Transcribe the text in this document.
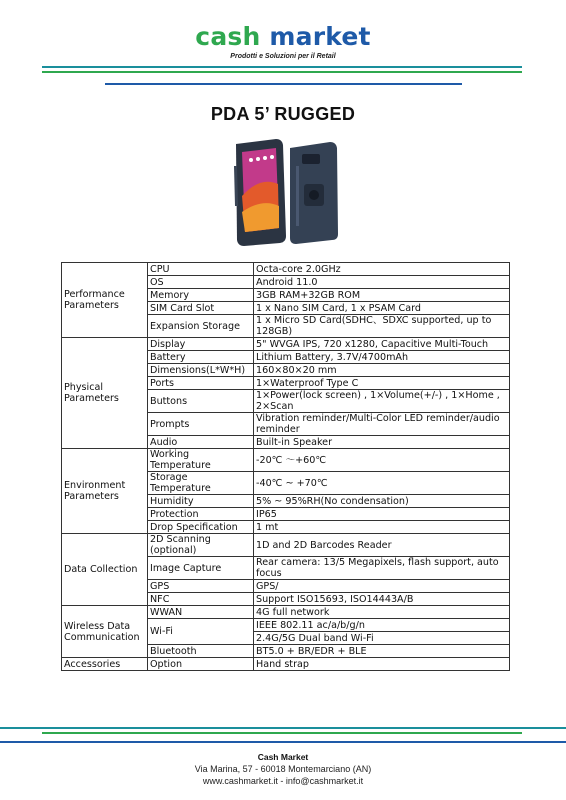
cash market
Prodotti e Soluzioni per il Retail
PDA 5’ RUGGED
Performance Parameters	CPU	Octa-core 2.0GHz
	OS	Android 11.0
	Memory	3GB RAM+32GB ROM
	SIM Card Slot	1 x Nano SIM Card, 1 x PSAM Card
	Expansion Storage	1 x Micro SD Card(SDHC、SDXC supported, up to 128GB)
Physical Parameters	Display	5" WVGA IPS, 720 x1280, Capacitive Multi-Touch
	Battery	Lithium Battery, 3.7V/4700mAh
	Dimensions(L*W*H)	160×80×20 mm
	Ports	1×Waterproof Type C
	Buttons	1×Power(lock screen) , 1×Volume(+/-) , 1×Home , 2×Scan
	Prompts	Vibration reminder/Multi-Color LED reminder/audio reminder
	Audio	Built-in Speaker
Environment Parameters	Working Temperature	-20℃ ～+60℃
	Storage Temperature	-40℃ ~ +70℃
	Humidity	5% ~ 95%RH(No condensation)
	Protection	IP65
	Drop Specification	1 mt
Data Collection	2D Scanning (optional)	1D and 2D Barcodes Reader
	Image Capture	Rear camera: 13/5 Megapixels, flash support, auto focus
	GPS	GPS/
	NFC	Support ISO15693, ISO14443A/B
Wireless Data Communication	WWAN	4G full network
	Wi-Fi	IEEE 802.11 ac/a/b/g/n
		2.4G/5G Dual band Wi-Fi
	Bluetooth	BT5.0 + BR/EDR + BLE
Accessories	Option	Hand strap
Cash Market
Via Marina, 57 - 60018 Montemarciano (AN)
www.cashmarket.it - info@cashmarket.it
